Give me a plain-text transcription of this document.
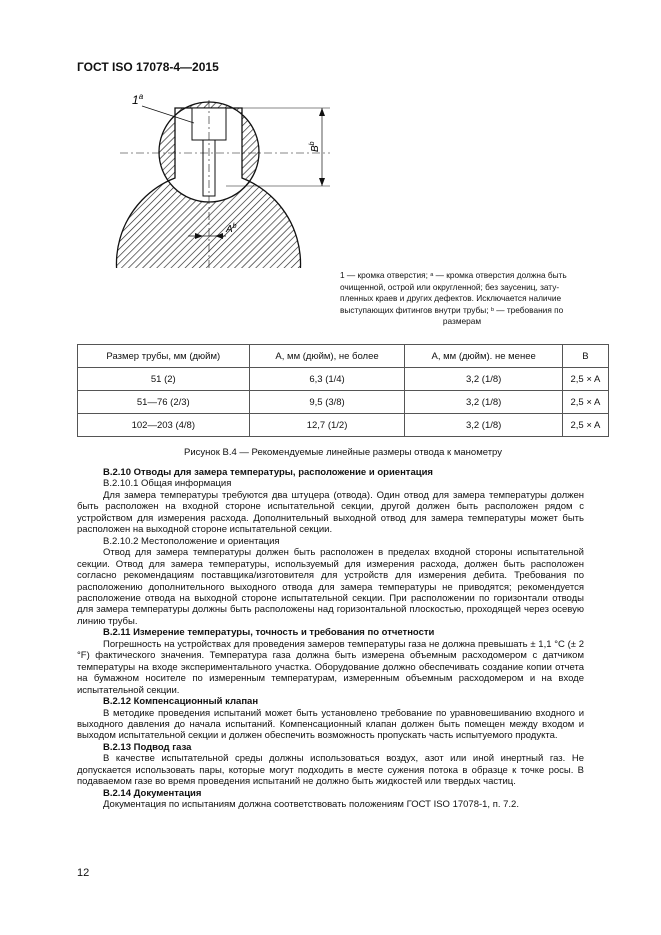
ГОСТ ISO 17078-4—2015
1$^a$
$B^b$
$A^b$
1 — кромка отверстия; ᵃ — кромка отверстия должна быть
очищенной, острой или округленной; без заусениц, зату-
пленных краев и других дефектов. Исключается наличие
выступающих фитингов внутри трубы; ᵇ — требования по
размерам
Размер трубы, мм (дюйм)	A, мм (дюйм), не более	A, мм (дюйм). не менее	B
51 (2)	6,3 (1/4)	3,2 (1/8)	2,5 × A
51—76 (2/3)	9,5 (3/8)	3,2 (1/8)	2,5 × A
102—203 (4/8)	12,7 (1/2)	3,2 (1/8)	2,5 × A
Рисунок В.4 — Рекомендуемые линейные размеры отвода к манометру

B.2.10 Отводы для замера температуры, расположение и ориентация

B.2.10.1 Общая информация

Для замера температуры требуются два штуцера (отвода). Один отвод для замера температуры должен быть расположен на входной стороне испытательной секции, другой должен быть расположен рядом с устройством для измерения расхода. Дополнительный выходной отвод для замера температуры может быть расположен на выходной стороне испытательной секции.

B.2.10.2 Местоположение и ориентация

Отвод для замера температуры должен быть расположен в пределах входной стороны испытательной секции. Отвод для замера температуры, используемый для измерения расхода, должен быть расположен согласно рекомендациям поставщика/изготовителя для устройств для измерения дебита. Требования по расположению дополнительного выходного отвода для замера температуры не приводятся; рекомендуется расположение отвода на выходной стороне испытательной секции. При расположении по горизонтали отводы для замера температуры должны быть расположены над горизонтальной плоскостью, проходящей через осевую линию трубы.

B.2.11 Измерение температуры, точность и требования по отчетности

Погрешность на устройствах для проведения замеров температуры газа не должна превышать ± 1,1 °С (± 2 °F) фактического значения. Температура газа должна быть измерена объемным расходомером с датчиком температуры на входе экспериментального участка. Оборудование должно обеспечивать создание копии отчета на бумажном носителе по измеренным температурам, измеренным объемным расходомером и на входе испытательной секции.

B.2.12 Компенсационный клапан

В методике проведения испытаний может быть установлено требование по уравновешиванию входного и выходного давления до начала испытаний. Компенсационный клапан должен быть помещен между входом и выходом испытательной секции и должен обеспечить возможность пропускать часть испытуемого продукта.

B.2.13 Подвод газа

В качестве испытательной среды должны использоваться воздух, азот или иной инертный газ. Не допускается использовать пары, которые могут подходить в месте сужения потока в образце к точке росы. В подаваемом газе во время проведения испытаний не должно быть жидкостей или твердых частиц.

B.2.14 Документация

Документация по испытаниям должна соответствовать положениям ГОСТ ISO 17078-1, п. 7.2.

12
